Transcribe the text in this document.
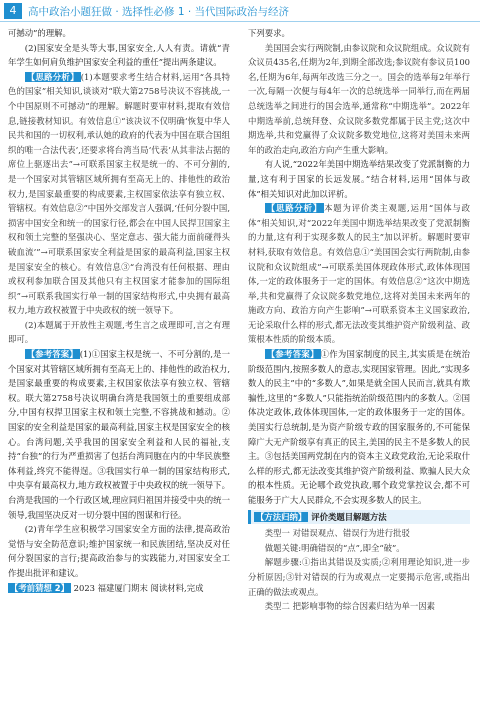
4	高中政治小题狂做 · 选择性必修 1 · 当代国际政治与经济

可撼动”的理解。

(2)国家安全是头等大事,国家安全,人人有责。请就“青年学生如何肩负维护国家安全利益的重任”提出两条建议。

【思路分析】 (1)本题要求考生结合材料,运用“各具特色的国家”相关知识,谈谈对“联大第2758号决议不容挑战,一个中国原则不可撼动”的理解。解题时要审材料,提取有效信息,链接教材知识。有效信息①“该决议不仅明确‘恢复中华人民共和国的一切权利,承认她的政府的代表为中国在联合国组织的唯一合法代表’,还要求将台湾当局‘代表’从其非法占据的席位上驱逐出去”→可联系国家主权是统一的、不可分割的,是一个国家对其管辖区域所拥有至高无上的、排他性的政治权力,是国家最重要的构成要素,主权国家依法享有独立权、管辖权。有效信息②“中国外交部发言人强调,‘任何分裂中国,损害中国安全和统一的国家行径,都会在中国人民捍卫国家主权和领土完整的坚强决心、坚定意志、强大能力面前碰得头破血流’”→可联系国家安全利益是国家的最高利益,国家主权是国家安全的核心。有效信息③“台湾没有任何根据、理由或权利参加联合国及其他只有主权国家才能参加的国际组织”→可联系我国实行单一制的国家结构形式,中央拥有最高权力,地方政权被置于中央政权的统一领导下。

(2)本题属于开放性主观题,考生言之成理即可,言之有理即可。

【参考答案】 (1)①国家主权是统一、不可分割的,是一个国家对其管辖区域所拥有至高无上的、排他性的政治权力,是国家最重要的构成要素,主权国家依法享有独立权、管辖权。联大第2758号决议明确台湾是我国领土的重要组成部分,中国有权捍卫国家主权和领土完整,不容挑战和撼动。②国家的安全利益是国家的最高利益,国家主权是国家安全的核心。台湾问题,关乎我国的国家安全利益和人民的福祉,支持“台独”的行为严重损害了包括台湾同胞在内的中华民族整体利益,终究不能得逞。③我国实行单一制的国家结构形式,中央享有最高权力,地方政权被置于中央政权的统一领导下。台湾是我国的一个行政区域,理应同归祖国并接受中央的统一领导,我国坚决反对一切分裂中国的图谋和行径。

(2)青年学生应积极学习国家安全方面的法律,提高政治觉悟与安全防范意识;维护国家统一和民族团结,坚决反对任何分裂国家的言行;提高政治参与的实践能力,对国家安全工作提出批评和建议。

【考前猜想 2】 2023 福建厦门期末 阅读材料,完成

下列要求。

美国国会实行两院制,由参议院和众议院组成。众议院有众议员435名,任期为2年,到期全部改选;参议院有参议员100名,任期为6年,每两年改选三分之一。国会的选举每2年举行一次,每隔一次便与每4年一次的总统选举一同举行,而在两届总统选举之间进行的国会选举,通常称“中期选举”。2022年中期选举前,总统拜登、众议院多数党都属于民主党;这次中期选举,共和党赢得了众议院多数党地位,这将对美国未来两年的政治走向,政治方向产生重大影响。

有人说,“2022年美国中期选举结果改变了党派制衡的力量,这有利于国家的长远发展。”结合材料,运用“国体与政体”相关知识对此加以评析。

【思路分析】 本题为评价类主观题,运用“国体与政体”相关知识,对“2022年美国中期选举结果改变了党派制衡的力量,这有利于实现多数人的民主”加以评析。解题时要审材料,获取有效信息。有效信息①“美国国会实行两院制,由参议院和众议院组成”→可联系美国体现政体形式,政体体现国体,一定的政体服务于一定的国体。有效信息②“这次中期选举,共和党赢得了众议院多数党地位,这将对美国未来两年的施政方向、政治方向产生影响”→可联系资本主义国家政治,无论采取什么样的形式,都无法改变其维护资产阶级利益、政策根本性质的阶级本质。

【参考答案】 ①作为国家制度的民主,其实质是在统治阶级范围内,按照多数人的意志,实现国家管理。因此,“实现多数人的民主”中的“多数人”,如果是就全国人民而言,就具有欺骗性,这里的“多数人”只能指统治阶级范围内的多数人。②国体决定政体,政体体现国体,一定的政体服务于一定的国体。美国实行总统制,是为资产阶级专政的国家服务的,不可能保障广大无产阶级享有真正的民主,美国的民主不是多数人的民主。③包括美国两党制在内的资本主义政党政治,无论采取什么样的形式,都无法改变其维护资产阶级利益、欺骗人民大众的根本性质。无论哪个政党执政,哪个政党掌控议会,都不可能服务于广大人民群众,不会实现多数人的民主。

【方法归纳】 评价类题目解题方法

类型一 对错误观点、错误行为进行批驳

做题关键:明确错误的“点”,即全“破”。

解题步骤:①指出其错误及实质;②利用理论知识,进一步分析原因;③针对错误的行为或观点一定要揭示危害,或指出正确的做法或观点。

类型二 把影响事物的综合因素归结为单一因素
